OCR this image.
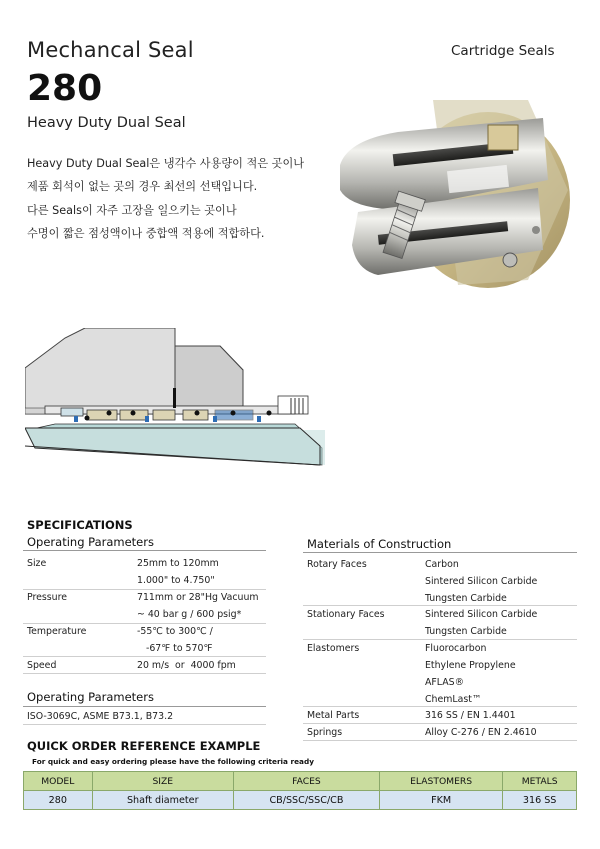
Mechancal Seal
280
Heavy Duty Dual Seal
Cartridge Seals
Heavy Duty Dual Seal은 냉각수 사용량이 적은 곳이나
제품 회석이 없는 곳의 경우 최선의 선택입니다.
다른 Seals이 자주 고장을 일으키는 곳이나
수명이 짧은 점성액이나 중합액 적용에 적합하다.
SPECIFICATIONS
Operating Parameters
Size	25mm to 120mm
1.000" to 4.750"
Pressure	711mm or 28"Hg Vacuum
~ 40 bar g / 600 psig*
Temperature	-55℃ to 300℃ /
-67℉ to 570℉
Speed	20 m/s  or  4000 fpm
Operating Parameters
ISO-3069C, ASME B73.1, B73.2
Materials of Construction
Rotary Faces	Carbon
Sintered Silicon Carbide
Tungsten Carbide
Stationary Faces	Sintered Silicon Carbide
Tungsten Carbide
Elastomers	Fluorocarbon
Ethylene Propylene
AFLAS®
ChemLast™
Metal Parts	316 SS / EN 1.4401
Springs	Alloy C-276 / EN 2.4610
QUICK ORDER REFERENCE EXAMPLE
For quick and easy ordering please have the following criteria ready
MODEL	SIZE	FACES	ELASTOMERS	METALS
280	Shaft diameter	CB/SSC/SSC/CB	FKM	316 SS
